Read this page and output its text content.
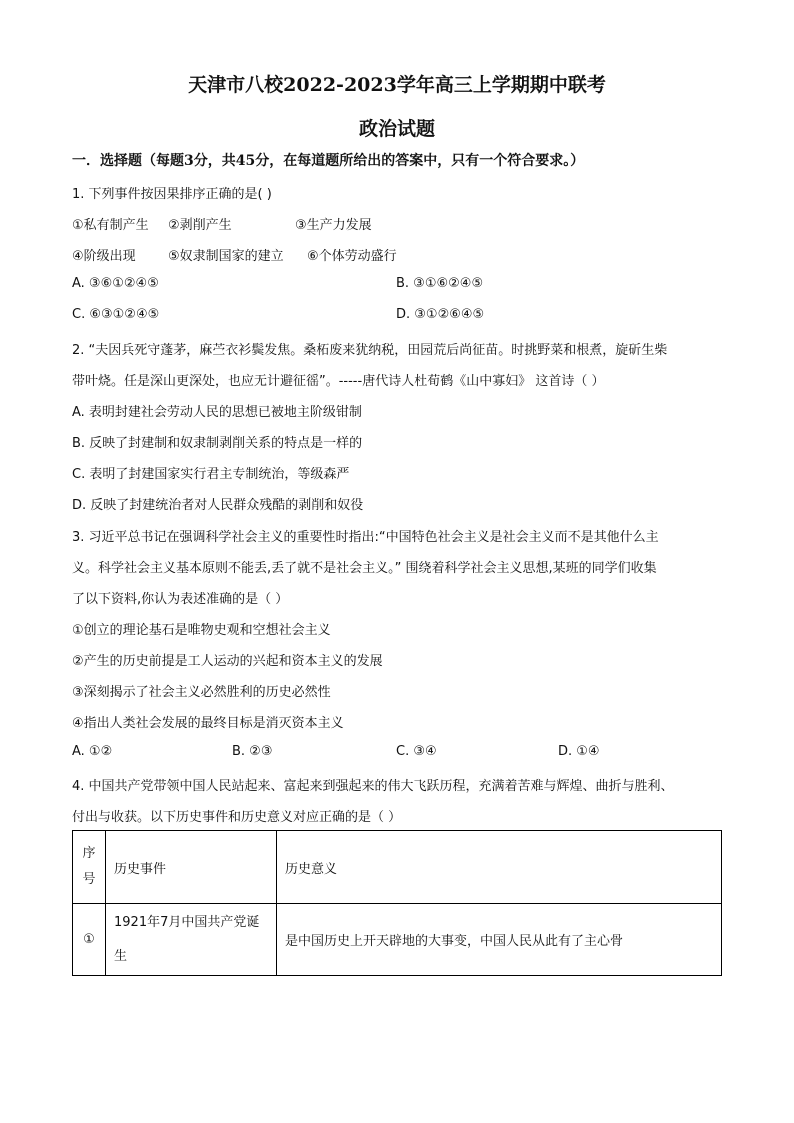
天津市八校2022-2023学年高三上学期期中联考
政治试题
一．选择题（每题3分，共45分，在每道题所给出的答案中，只有一个符合要求。）
1. 下列事件按因果排序正确的是( )
①私有制产生 ②剥削产生	③生产力发展
④阶级出现 ⑤奴隶制国家的建立 ⑥个体劳动盛行
A. ③⑥①②④⑤	B. ③①⑥②④⑤
C. ⑥③①②④⑤	D. ③①②⑥④⑤
2. “夫因兵死守蓬茅，麻苎衣衫鬓发焦。桑柘废来犹纳税，田园荒后尚征苗。时挑野菜和根煮，旋斫生柴
带叶烧。任是深山更深处，也应无计避征徭”。-----唐代诗人杜荀鹤《山中寡妇》 这首诗（ ）
A. 表明封建社会劳动人民的思想已被地主阶级钳制
B. 反映了封建制和奴隶制剥削关系的特点是一样的
C. 表明了封建国家实行君主专制统治，等级森严
D. 反映了封建统治者对人民群众残酷的剥削和奴役
3. 习近平总书记在强调科学社会主义的重要性时指出:“中国特色社会主义是社会主义而不是其他什么主
义。科学社会主义基本原则不能丢,丢了就不是社会主义。” 围绕着科学社会主义思想,某班的同学们收集
了以下资料,你认为表述准确的是（ ）
①创立的理论基石是唯物史观和空想社会主义
②产生的历史前提是工人运动的兴起和资本主义的发展
③深刻揭示了社会主义必然胜利的历史必然性
④指出人类社会发展的最终目标是消灭资本主义
A. ①②	B. ②③	C. ③④	D. ①④
4. 中国共产党带领中国人民站起来、富起来到强起来的伟大飞跃历程，充满着苦难与辉煌、曲折与胜利、
付出与收获。以下历史事件和历史意义对应正确的是（ ）
序号	历史事件	历史意义
①	1921年7月中国共产党诞生	是中国历史上开天辟地的大事变，中国人民从此有了主心骨
